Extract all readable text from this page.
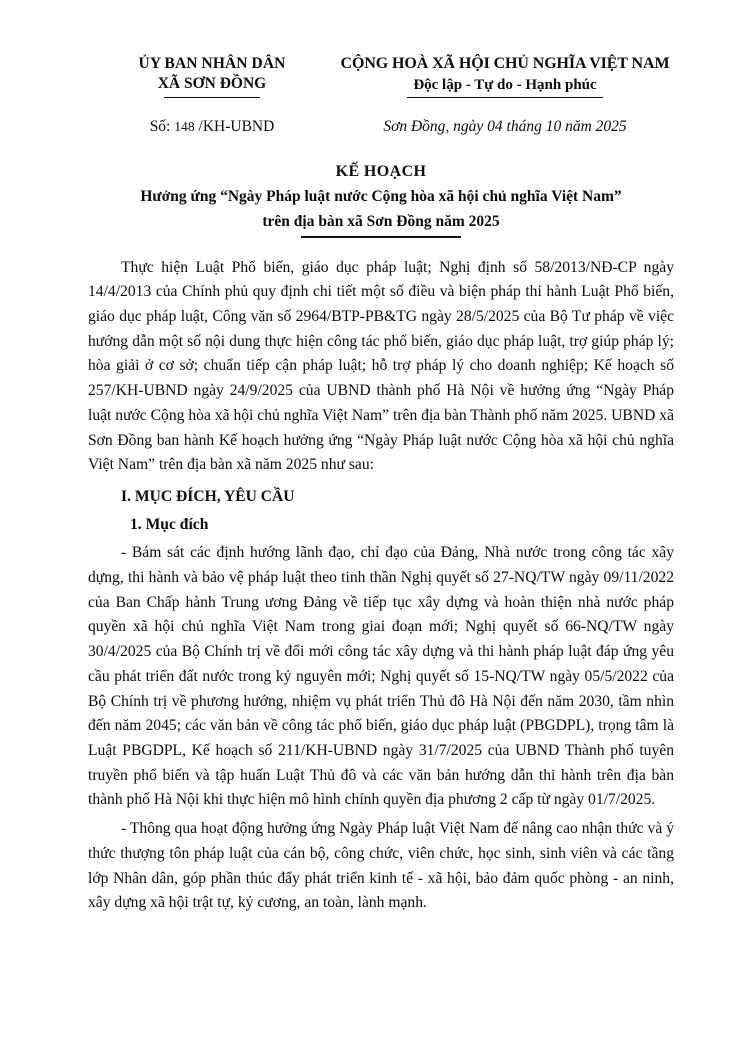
ỦY BAN NHÂN DÂN
XÃ SƠN ĐỒNG
CỘNG HOÀ XÃ HỘI CHỦ NGHĨA VIỆT NAM
Độc lập - Tự do - Hạnh phúc
Số: 148 /KH-UBND	Sơn Đồng, ngày 04 tháng 10 năm 2025
KẾ HOẠCH
Hưởng ứng “Ngày Pháp luật nước Cộng hòa xã hội chủ nghĩa Việt Nam”
trên địa bàn xã Sơn Đồng năm 2025

Thực hiện Luật Phổ biến, giáo dục pháp luật; Nghị định số 58/2013/NĐ-CP ngày 14/4/2013 của Chính phủ quy định chi tiết một số điều và biện pháp thi hành Luật Phổ biến, giáo dục pháp luật, Công văn số 2964/BTP-PB&TG ngày 28/5/2025 của Bộ Tư pháp về việc hướng dẫn một số nội dung thực hiện công tác phổ biến, giáo dục pháp luật, trợ giúp pháp lý; hòa giải ở cơ sở; chuẩn tiếp cận pháp luật; hỗ trợ pháp lý cho doanh nghiệp; Kế hoạch số 257/KH-UBND ngày 24/9/2025 của UBND thành phố Hà Nội về hưởng ứng “Ngày Pháp luật nước Cộng hòa xã hội chủ nghĩa Việt Nam” trên địa bàn Thành phố năm 2025. UBND xã Sơn Đồng ban hành Kế hoạch hưởng ứng “Ngày Pháp luật nước Cộng hòa xã hội chủ nghĩa Việt Nam” trên địa bàn xã năm 2025 như sau:

I. MỤC ĐÍCH, YÊU CẦU
1. Mục đích

- Bám sát các định hướng lãnh đạo, chỉ đạo của Đảng, Nhà nước trong công tác xây dựng, thi hành và bảo vệ pháp luật theo tinh thần Nghị quyết số 27-NQ/TW ngày 09/11/2022 của Ban Chấp hành Trung ương Đảng về tiếp tục xây dựng và hoàn thiện nhà nước pháp quyền xã hội chủ nghĩa Việt Nam trong giai đoạn mới; Nghị quyết số 66-NQ/TW ngày 30/4/2025 của Bộ Chính trị về đổi mới công tác xây dựng và thi hành pháp luật đáp ứng yêu cầu phát triển đất nước trong kỷ nguyên mới; Nghị quyết số 15-NQ/TW ngày 05/5/2022 của Bộ Chính trị về phương hướng, nhiệm vụ phát triển Thủ đô Hà Nội đến năm 2030, tầm nhìn đến năm 2045; các văn bản về công tác phổ biến, giáo dục pháp luật (PBGDPL), trọng tâm là Luật PBGDPL, Kế hoạch số 211/KH-UBND ngày 31/7/2025 của UBND Thành phố tuyên truyền phổ biến và tập huấn Luật Thủ đô và các văn bản hướng dẫn thi hành trên địa bàn thành phố Hà Nội khi thực hiện mô hình chính quyền địa phương 2 cấp từ ngày 01/7/2025.

- Thông qua hoạt động hưởng ứng Ngày Pháp luật Việt Nam để nâng cao nhận thức và ý thức thượng tôn pháp luật của cán bộ, công chức, viên chức, học sinh, sinh viên và các tầng lớp Nhân dân, góp phần thúc đẩy phát triển kinh tế - xã hội, bảo đảm quốc phòng - an ninh, xây dựng xã hội trật tự, kỷ cương, an toàn, lành mạnh.
